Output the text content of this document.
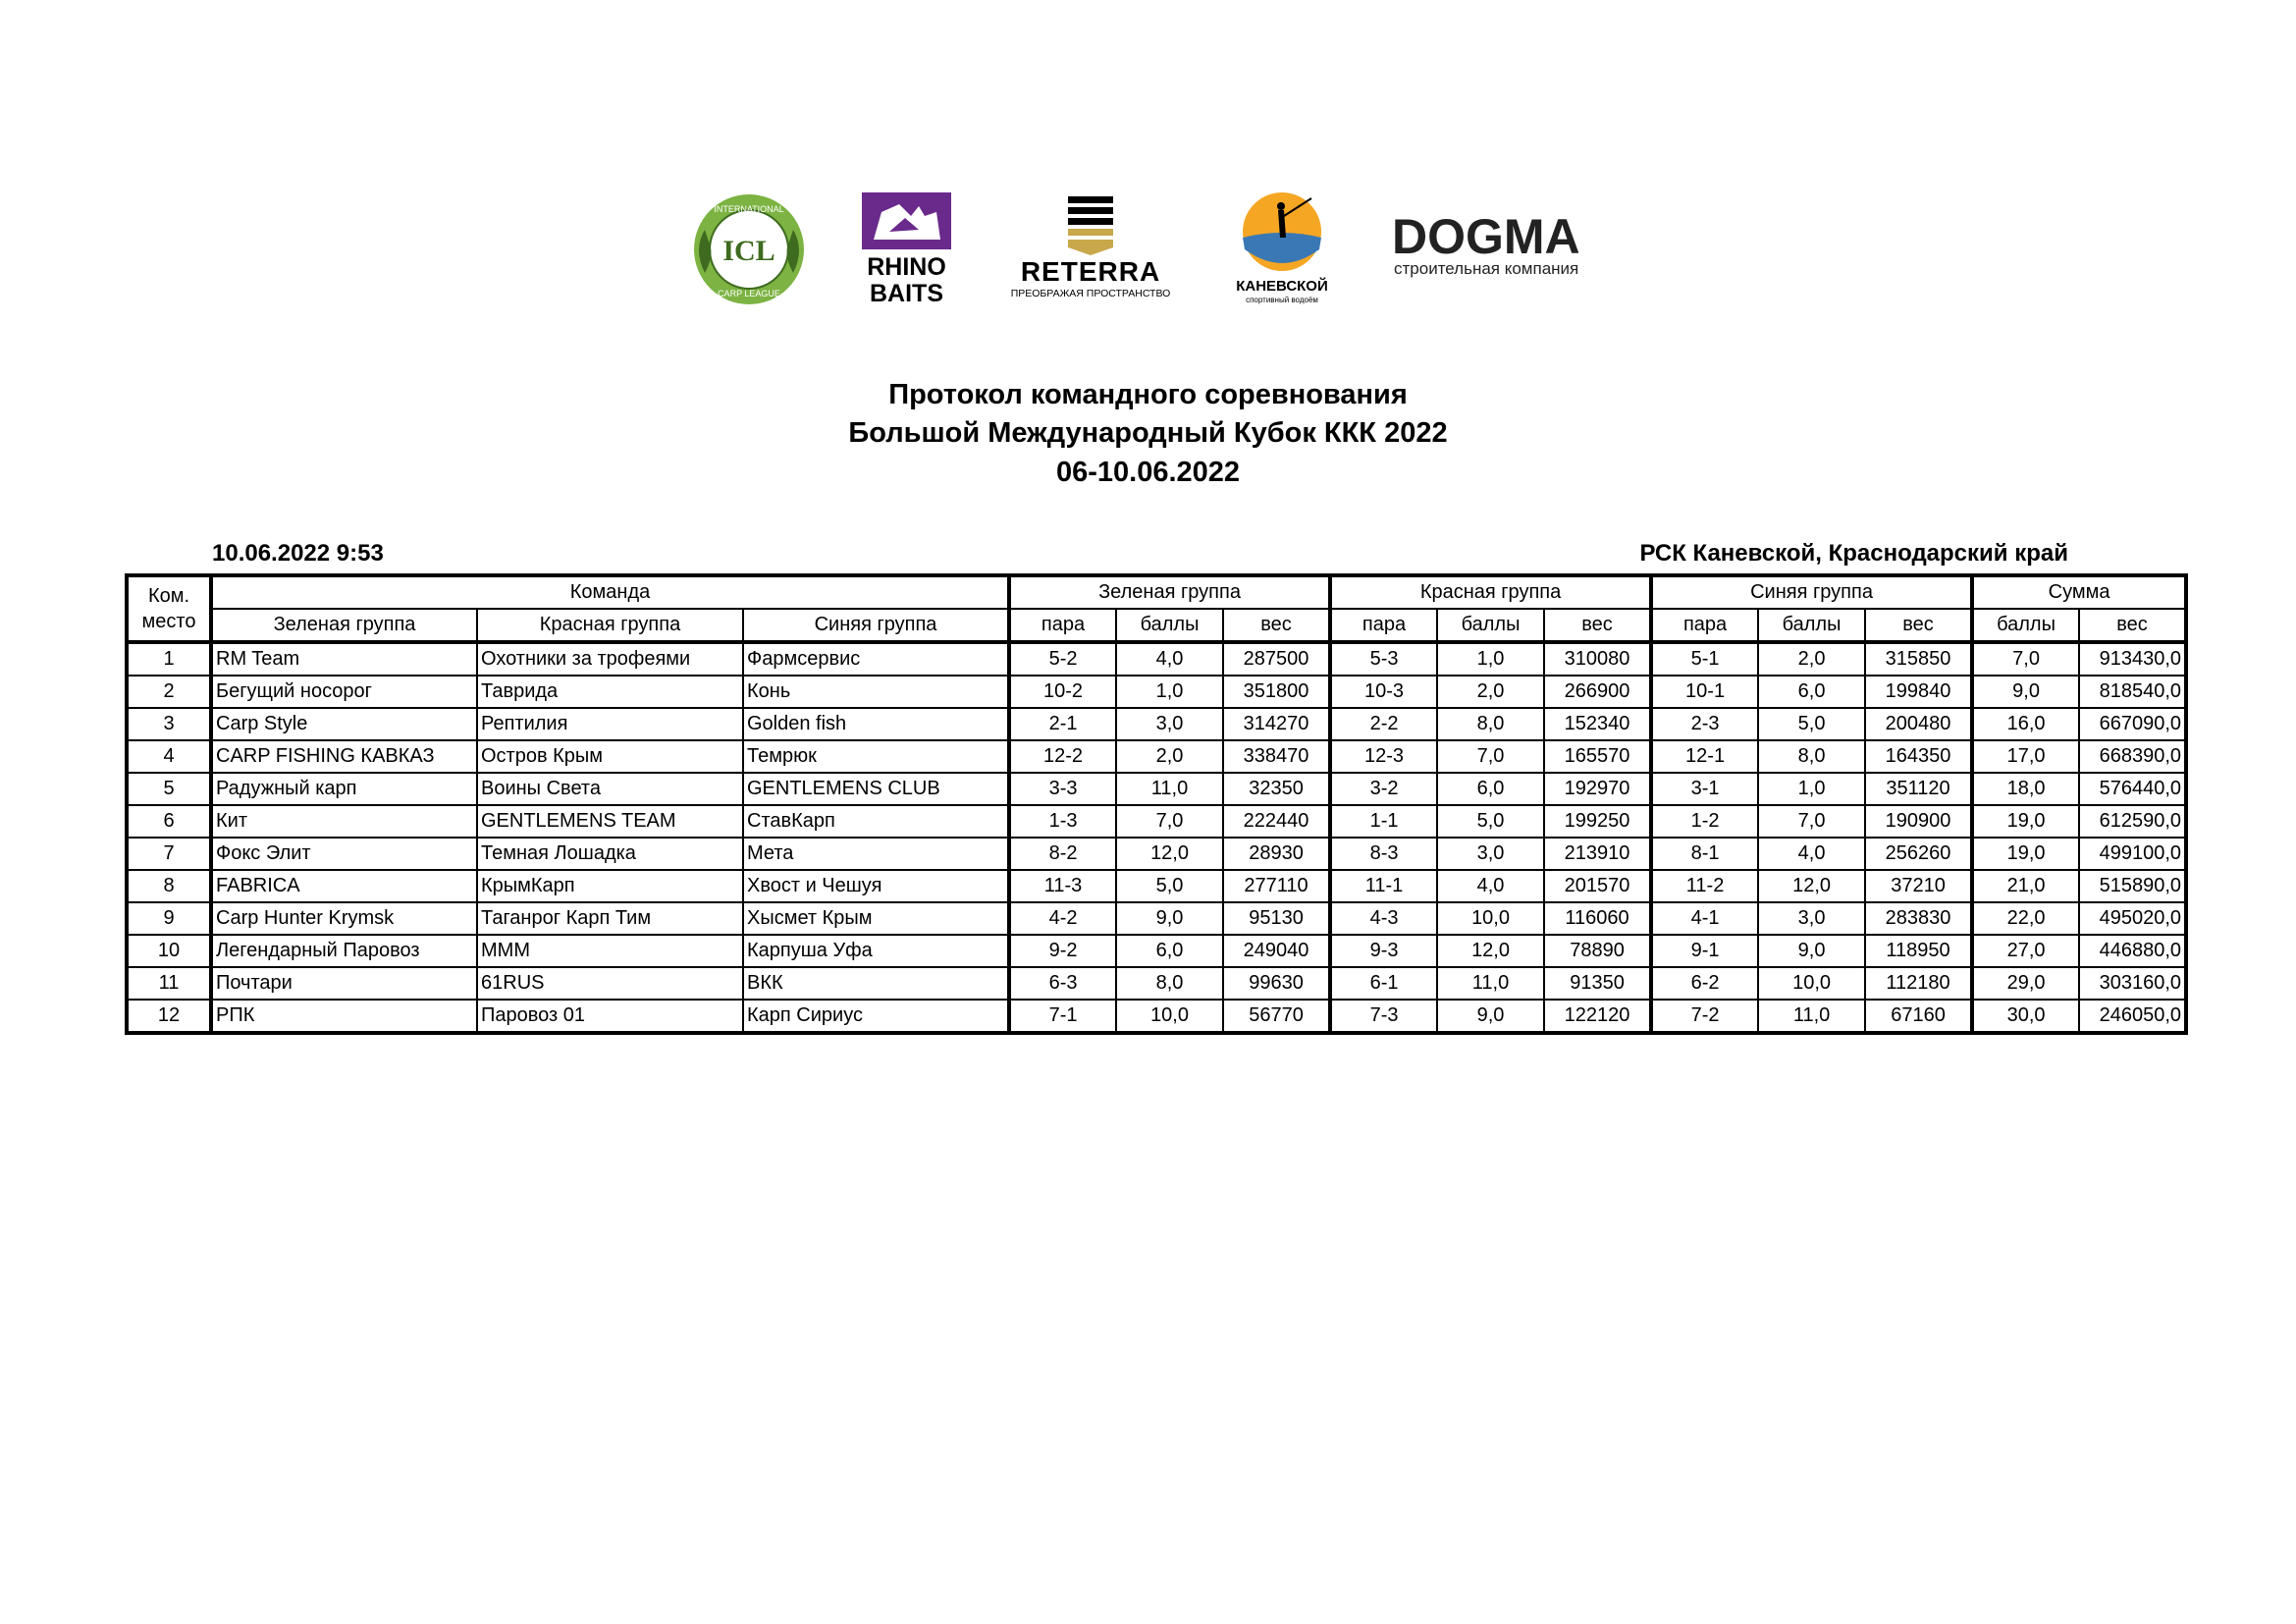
ICL
INTERNATIONAL
CARP LEAGUE
RHINO
BAITS
RETERRA
ПРЕОБРАЖАЯ ПРОСТРАНСТВО	КАНЕВСКОЙ
спортивный водоём
DOGMA
строительная компания
Протокол командного соревнования
Большой Международный Кубок ККК 2022
06-10.06.2022
10.06.2022 9:53	РСК Каневской, Краснодарский край
Ком.
место	Команда			Зеленая группа			Красная группа			Синяя группа			Сумма	
	Зеленая группа	Красная группа	Синяя группа	пара	баллы	вес	пара	баллы	вес	пара	баллы	вес	баллы	вес
1	RM Team	Охотники за трофеями	Фармсервис	5-2	4,0	287500	5-3	1,0	310080	5-1	2,0	315850	7,0	913430,0
2	Бегущий носорог	Таврида	Конь	10-2	1,0	351800	10-3	2,0	266900	10-1	6,0	199840	9,0	818540,0
3	Carp Style	Рептилия	Golden fish	2-1	3,0	314270	2-2	8,0	152340	2-3	5,0	200480	16,0	667090,0
4	CARP FISHING КАВКАЗ	Остров Крым	Темрюк	12-2	2,0	338470	12-3	7,0	165570	12-1	8,0	164350	17,0	668390,0
5	Радужный карп	Воины Света	GENTLEMENS CLUB	3-3	11,0	32350	3-2	6,0	192970	3-1	1,0	351120	18,0	576440,0
6	Кит	GENTLEMENS TEAM	СтавКарп	1-3	7,0	222440	1-1	5,0	199250	1-2	7,0	190900	19,0	612590,0
7	Фокс Элит	Темная Лошадка	Мета	8-2	12,0	28930	8-3	3,0	213910	8-1	4,0	256260	19,0	499100,0
8	FABRICA	КрымКарп	Хвост и Чешуя	11-3	5,0	277110	11-1	4,0	201570	11-2	12,0	37210	21,0	515890,0
9	Carp Hunter Krymsk	Таганрог Карп Тим	Хысмет Крым	4-2	9,0	95130	4-3	10,0	116060	4-1	3,0	283830	22,0	495020,0
10	Легендарный Паровоз	МММ	Карпуша Уфа	9-2	6,0	249040	9-3	12,0	78890	9-1	9,0	118950	27,0	446880,0
11	Почтари	61RUS	ВКК	6-3	8,0	99630	6-1	11,0	91350	6-2	10,0	112180	29,0	303160,0
12	РПК	Паровоз 01	Карп Сириус	7-1	10,0	56770	7-3	9,0	122120	7-2	11,0	67160	30,0	246050,0
